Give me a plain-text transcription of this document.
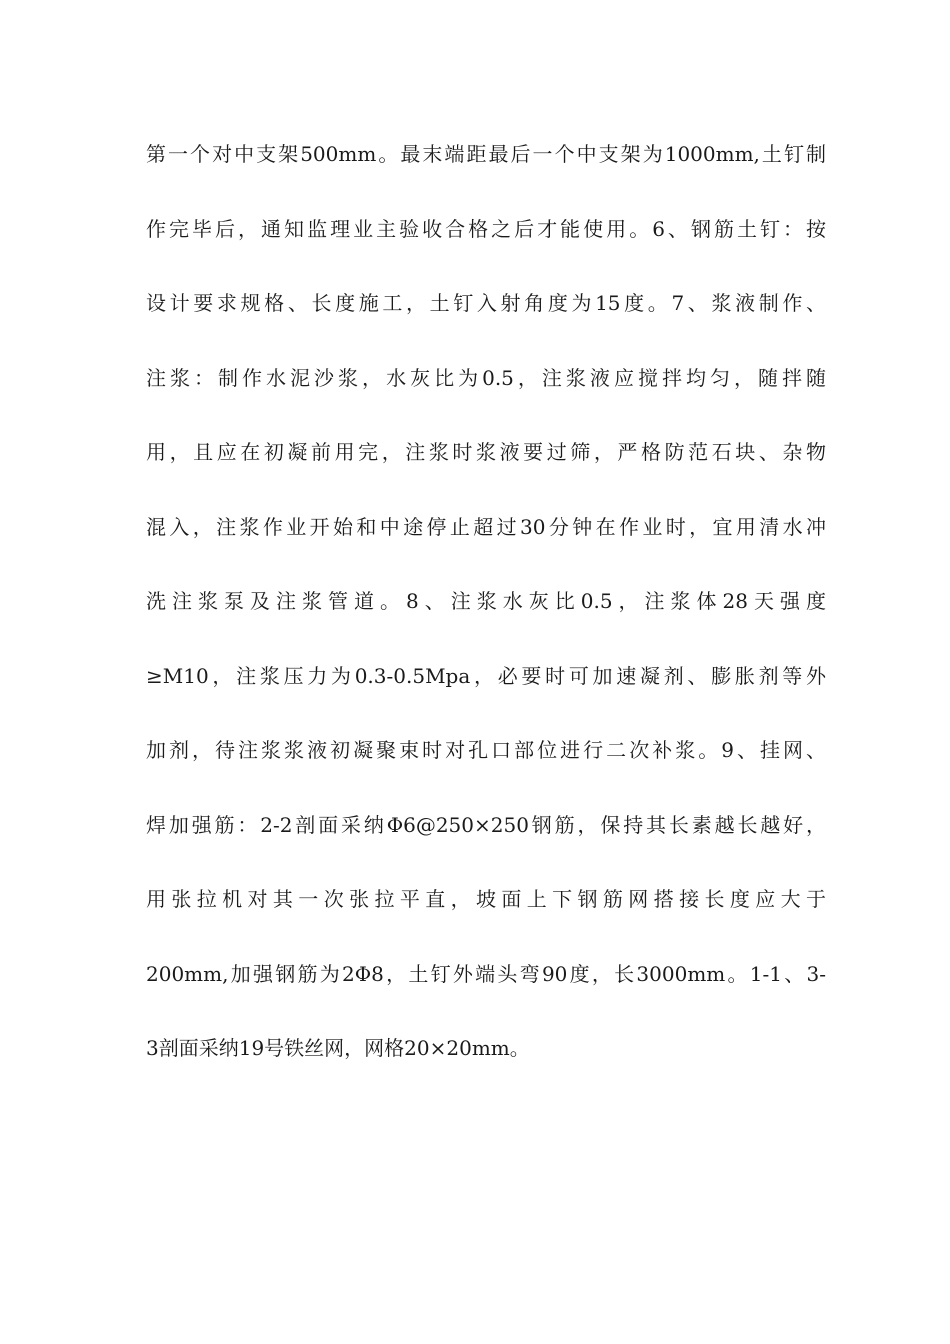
第一个对中支架500mm。最末端距最后一个中支架为1000mm,土钉制
作完毕后，通知监理业主验收合格之后才能使用。6、钢筋土钉：按
设计要求规格、长度施工，土钉入射角度为15度。7、浆液制作、
注浆：制作水泥沙浆，水灰比为0.5，注浆液应搅拌均匀，随拌随
用，且应在初凝前用完，注浆时浆液要过筛，严格防范石块、杂物
混入，注浆作业开始和中途停止超过30分钟在作业时，宜用清水冲
洗注浆泵及注浆管道。8、注浆水灰比0.5，注浆体28天强度
≥M10，注浆压力为0.3-0.5Mpa，必要时可加速凝剂、膨胀剂等外
加剂，待注浆浆液初凝聚束时对孔口部位进行二次补浆。9、挂网、
焊加强筋：2-2剖面采纳Φ6@250×250钢筋，保持其长素越长越好，
用张拉机对其一次张拉平直，坡面上下钢筋网搭接长度应大于
200mm,加强钢筋为2Φ8，土钉外端头弯90度，长3000mm。1-1、3-
3剖面采纳19号铁丝网，网格20×20mm。
